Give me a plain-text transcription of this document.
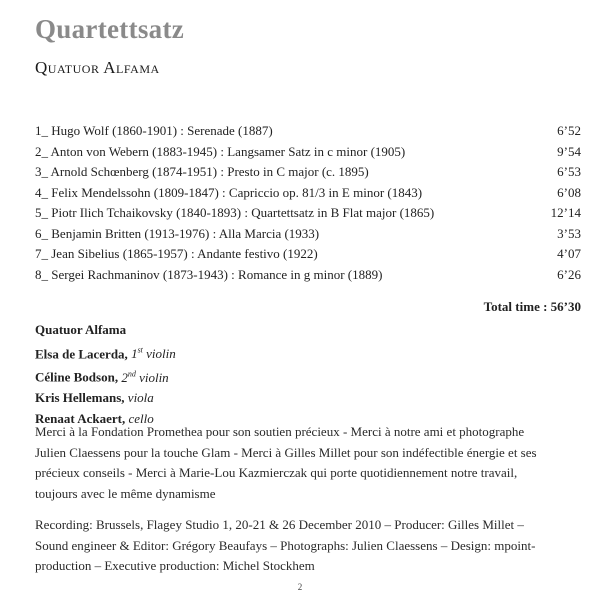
Quartettsatz
Quatuor Alfama
1_ Hugo Wolf (1860-1901) : Serenade (1887)	6’52
2_ Anton von Webern (1883-1945) : Langsamer Satz in c minor (1905)	9’54
3_ Arnold Schœnberg (1874-1951) : Presto in C major (c. 1895)	6’53
4_ Felix Mendelssohn (1809-1847) : Capriccio op. 81/3 in E minor (1843)	6’08
5_ Piotr Ilich Tchaikovsky (1840-1893) : Quartettsatz in B Flat major (1865)	12’14
6_ Benjamin Britten (1913-1976) : Alla Marcia (1933)	3’53
7_ Jean Sibelius (1865-1957) : Andante festivo (1922)	4’07
8_ Sergei Rachmaninov (1873-1943) : Romance in g minor (1889)	6’26
Total time : 56’30
Quatuor Alfama
Elsa de Lacerda, 1st violin
Céline Bodson, 2nd violin
Kris Hellemans, viola
Renaat Ackaert, cello
Merci à la Fondation Promethea pour son soutien précieux - Merci à notre ami et photographe
Julien Claessens pour la touche Glam - Merci à Gilles Millet pour son indéfectible énergie et ses
précieux conseils - Merci à Marie-Lou Kazmierczak qui porte quotidiennement notre travail,
toujours avec le même dynamisme
Recording: Brussels, Flagey Studio 1, 20-21 & 26 December 2010 – Producer: Gilles Millet –
Sound engineer & Editor: Grégory Beaufays – Photographs: Julien Claessens – Design: mpoint-
production – Executive production: Michel Stockhem
2
